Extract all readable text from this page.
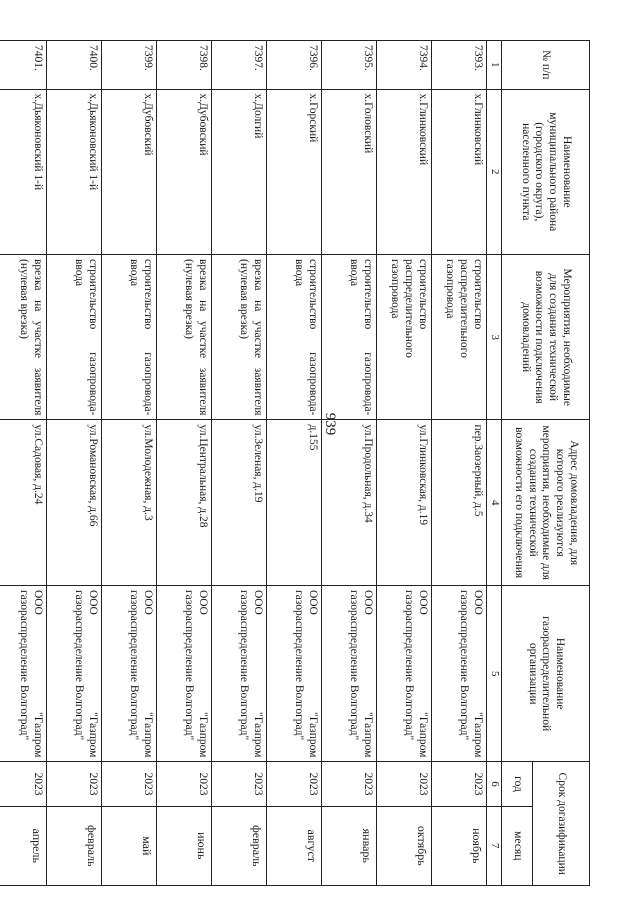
939
№ п/п	Наименование муниципального района (городского округа), населенного пункта	Мероприятия, необходимые для создания технической возможности подключения домовладений	Адрес домовладения, для которого реализуются мероприятия, необходимые для создания технической возможности его подключения	Наименование газораспределительной организации	Срок догазификации	
					год	месяц
1	2	3	4	5	6	7
7393.	х.Глинковский	строительство распределительного газопровода	пер.Заозерный, д.5	ООО "Газпром газораспределение Волгоград"	2023	ноябрь
7394.	х.Глинковский	строительство распределительного газопровода	ул.Глинковская, д.19	ООО "Газпром газораспределение Волгоград"	2023	октябрь
7395.	х.Головский	строительство газопровода-ввода	ул.Продольная, д.34	ООО "Газпром газораспределение Волгоград"	2023	январь
7396.	х.Горский	строительство газопровода-ввода	д.155	ООО "Газпром газораспределение Волгоград"	2023	август
7397.	х.Долгий	врезка на участке заявителя (нулевая врезка)	ул.Зеленая, д.19	ООО "Газпром газораспределение Волгоград"	2023	февраль
7398.	х.Дубовский	врезка на участке заявителя (нулевая врезка)	ул.Центральная, д.28	ООО "Газпром газораспределение Волгоград"	2023	июнь
7399.	х.Дубовский	строительство газопровода-ввода	ул.Молодежная, д.3	ООО "Газпром газораспределение Волгоград"	2023	май
7400.	х.Дьяконовский 1-й	строительство газопровода-ввода	ул.Романовская, д.66	ООО "Газпром газораспределение Волгоград"	2023	февраль
7401.	х.Дьяконовский 1-й	врезка на участке заявителя (нулевая врезка)	ул.Садовая, д.24	ООО "Газпром газораспределение Волгоград"	2023	апрель
